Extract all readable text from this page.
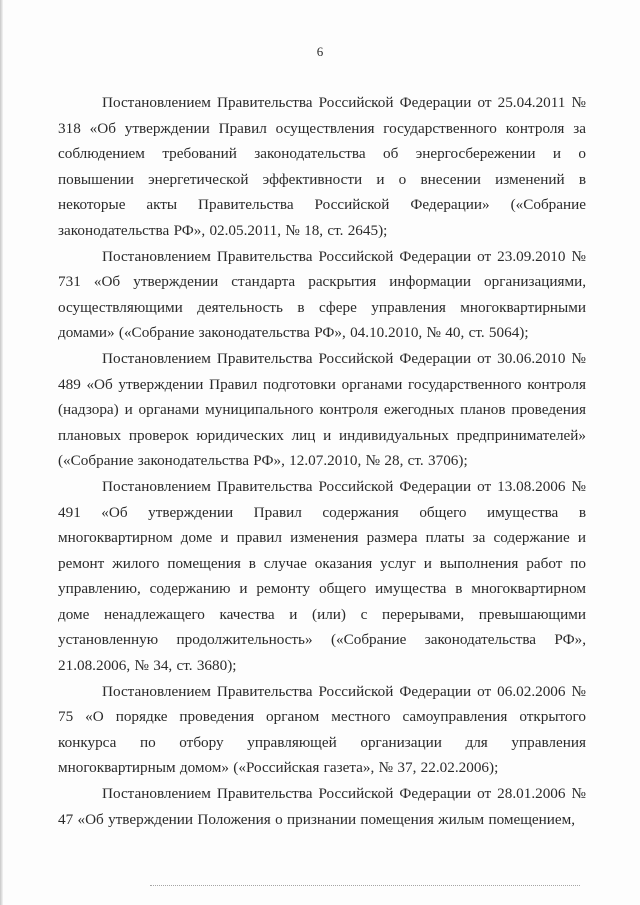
6

Постановлением Правительства Российской Федерации от 25.04.2011 № 318 «Об утверждении Правил осуществления государственного контроля за соблюдением требований законодательства об энергосбережении и о повышении энергетической эффективности и о внесении изменений в некоторые акты Правительства Российской Федерации» («Собрание законодательства РФ», 02.05.2011, № 18, ст. 2645);

Постановлением Правительства Российской Федерации от 23.09.2010 № 731 «Об утверждении стандарта раскрытия информации организациями, осуществляющими деятельность в сфере управления многоквартирными домами» («Собрание законодательства РФ», 04.10.2010, № 40, ст. 5064);

Постановлением Правительства Российской Федерации от 30.06.2010 № 489 «Об утверждении Правил подготовки органами государственного контроля (надзора) и органами муниципального контроля ежегодных планов проведения плановых проверок юридических лиц и индивидуальных предпринимателей» («Собрание законодательства РФ», 12.07.2010, № 28, ст. 3706);

Постановлением Правительства Российской Федерации от 13.08.2006 № 491 «Об утверждении Правил содержания общего имущества в многоквартирном доме и правил изменения размера платы за содержание и ремонт жилого помещения в случае оказания услуг и выполнения работ по управлению, содержанию и ремонту общего имущества в многоквартирном доме ненадлежащего качества и (или) с перерывами, превышающими установленную продолжительность» («Собрание законодательства РФ», 21.08.2006, № 34, ст. 3680);

Постановлением Правительства Российской Федерации от 06.02.2006 № 75 «О порядке проведения органом местного самоуправления открытого конкурса по отбору управляющей организации для управления многоквартирным домом» («Российская газета», № 37, 22.02.2006);

Постановлением Правительства Российской Федерации от 28.01.2006 № 47 «Об утверждении Положения о признании помещения жилым помещением,
